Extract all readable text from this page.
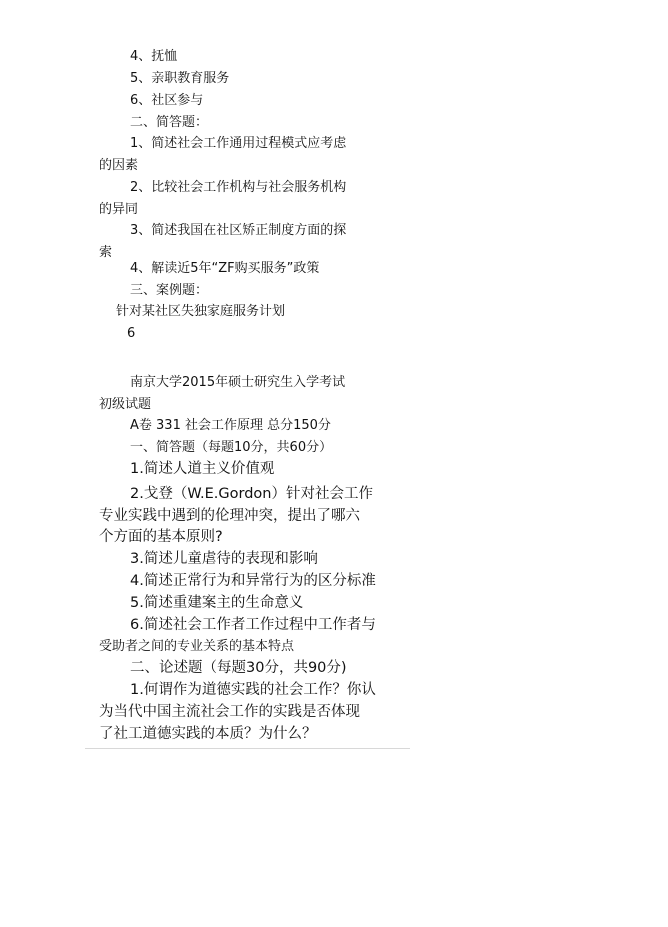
4、抚恤
5、亲职教育服务
6、社区参与
二、简答题：
1、简述社会工作通用过程模式应考虑
的因素
2、比较社会工作机构与社会服务机构
的异同
3、简述我国在社区矫正制度方面的探
索
4、解读近5年“ZF购买服务”政策
三、案例题：
针对某社区失独家庭服务计划
6
南京大学2015年硕士研究生入学考试
初级试题
A卷 331 社会工作原理 总分150分
一、简答题（每题10分，共60分）
1.简述人道主义价值观
2.戈登（W.E.Gordon）针对社会工作
专业实践中遇到的伦理冲突，提出了哪六
个方面的基本原则?
3.简述儿童虐待的表现和影响
4.简述正常行为和异常行为的区分标准
5.简述重建案主的生命意义
6.简述社会工作者工作过程中工作者与
受助者之间的专业关系的基本特点
二、论述题（每题30分，共90分)
1.何谓作为道德实践的社会工作？你认
为当代中国主流社会工作的实践是否体现
了社工道德实践的本质？为什么？
